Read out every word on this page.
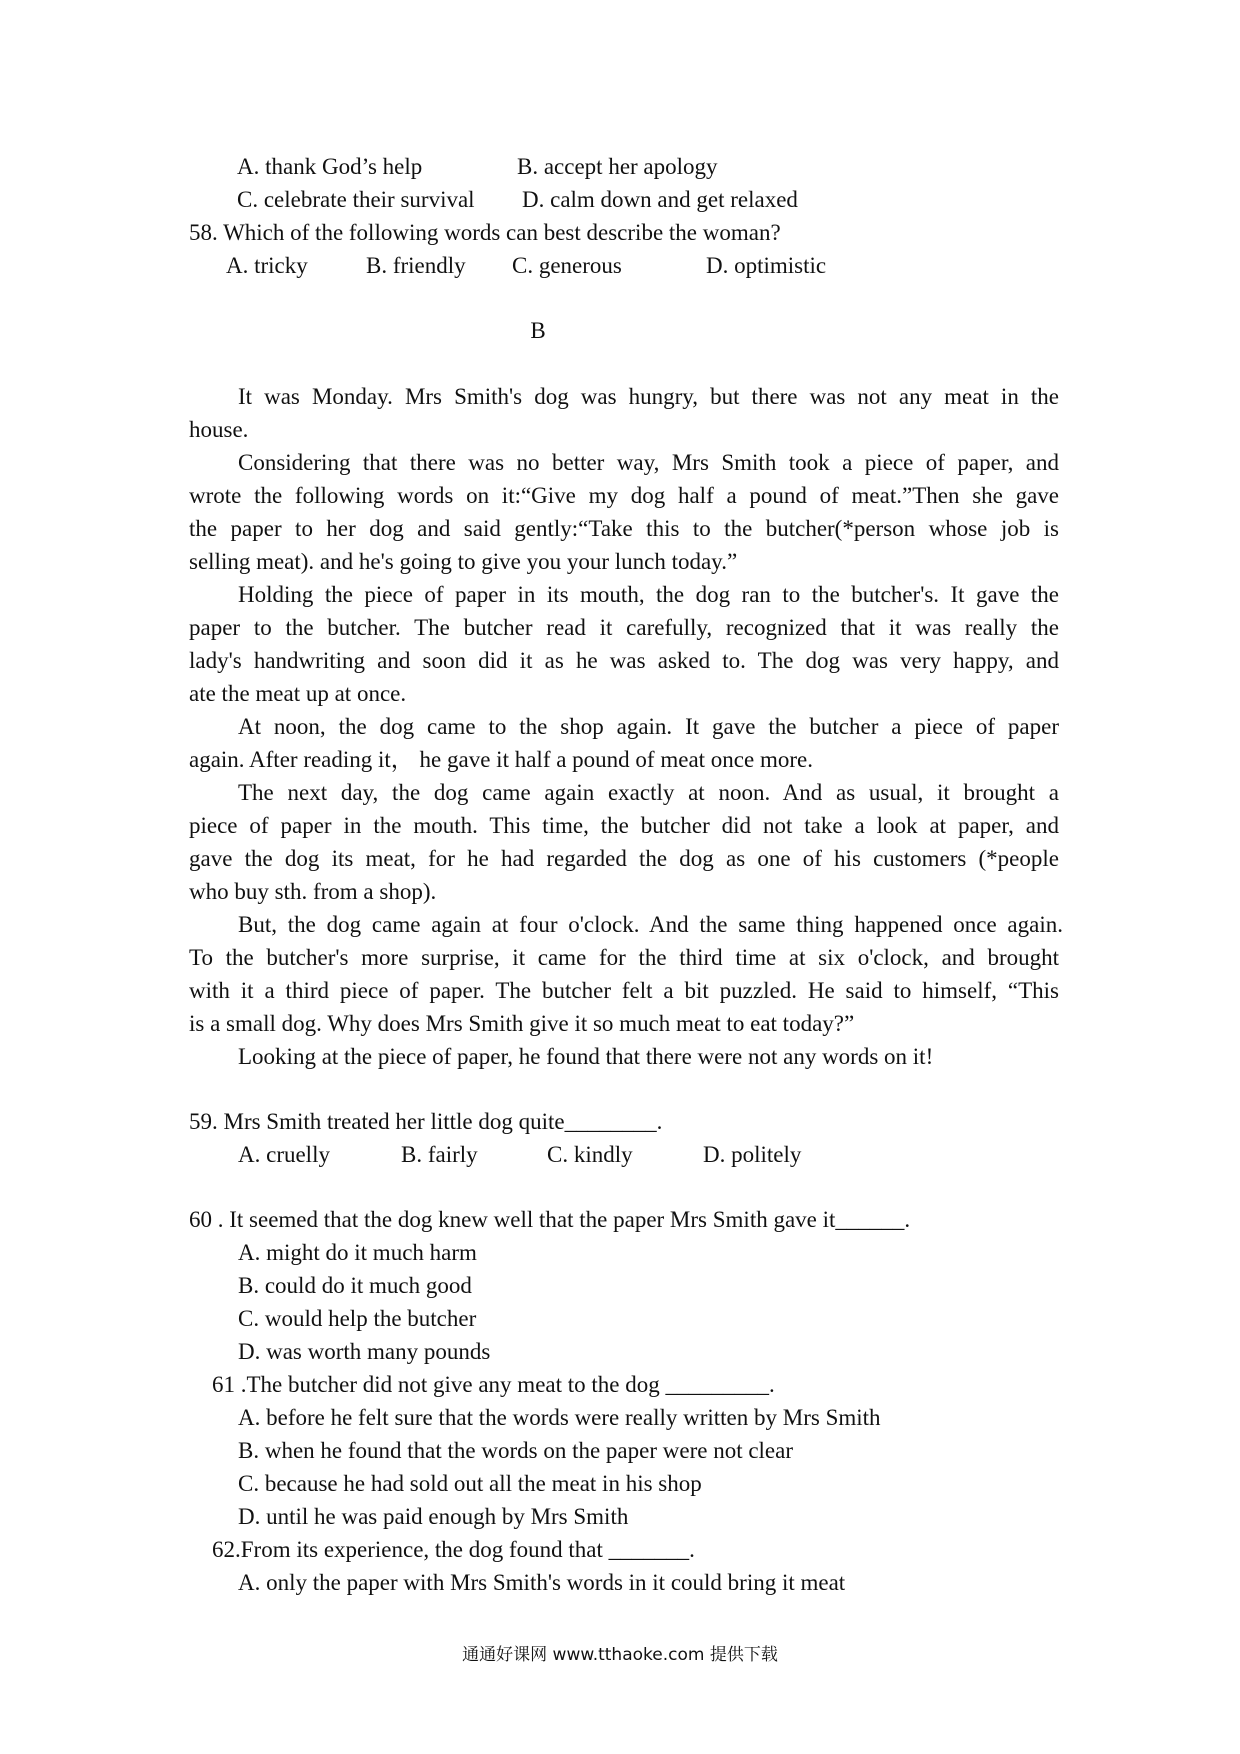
A. thank God’s help	B. accept her apology
C. celebrate their survival D. calm down and get relaxed
58. Which of the following words can best describe the woman?
A. tricky	B. friendly C. generous	D. optimistic
B
It was Monday. Mrs Smith's dog was hungry, but there was not any meat in the
house.
Considering that there was no better way, Mrs Smith took a piece of paper, and
wrote the following words on it:“Give my dog half a pound of meat.”Then she gave
the paper to her dog and said gently:“Take this to the butcher(*person whose job is
selling meat). and he's going to give you your lunch today.”
Holding the piece of paper in its mouth, the dog ran to the butcher's. It gave the
paper to the butcher. The butcher read it carefully, recognized that it was really the
lady's handwriting and soon did it as he was asked to. The dog was very happy, and
ate the meat up at once.
At noon, the dog came to the shop again. It gave the butcher a piece of paper
again. After reading it， he gave it half a pound of meat once more.
The next day, the dog came again exactly at noon. And as usual, it brought a
piece of paper in the mouth. This time, the butcher did not take a look at paper, and
gave the dog its meat, for he had regarded the dog as one of his customers (*people
who buy sth. from a shop).
But, the dog came again at four o'clock. And the same thing happened once again.
To the butcher's more surprise, it came for the third time at six o'clock, and brought
with it a third piece of paper. The butcher felt a bit puzzled. He said to himself, “This
is a small dog. Why does Mrs Smith give it so much meat to eat today?”
Looking at the piece of paper, he found that there were not any words on it!
59. Mrs Smith treated her little dog quite________.
A. cruelly	B. fairly	C. kindly	D. politely
60 . It seemed that the dog knew well that the paper Mrs Smith gave it______.
A. might do it much harm
B. could do it much good
C. would help the butcher
D. was worth many pounds
61 .The butcher did not give any meat to the dog _________.
A. before he felt sure that the words were really written by Mrs Smith
B. when he found that the words on the paper were not clear
C. because he had sold out all the meat in his shop
D. until he was paid enough by Mrs Smith
62.From its experience, the dog found that _______.
A. only the paper with Mrs Smith's words in it could bring it meat
通通好课网 www.tthaoke.com 提供下载
